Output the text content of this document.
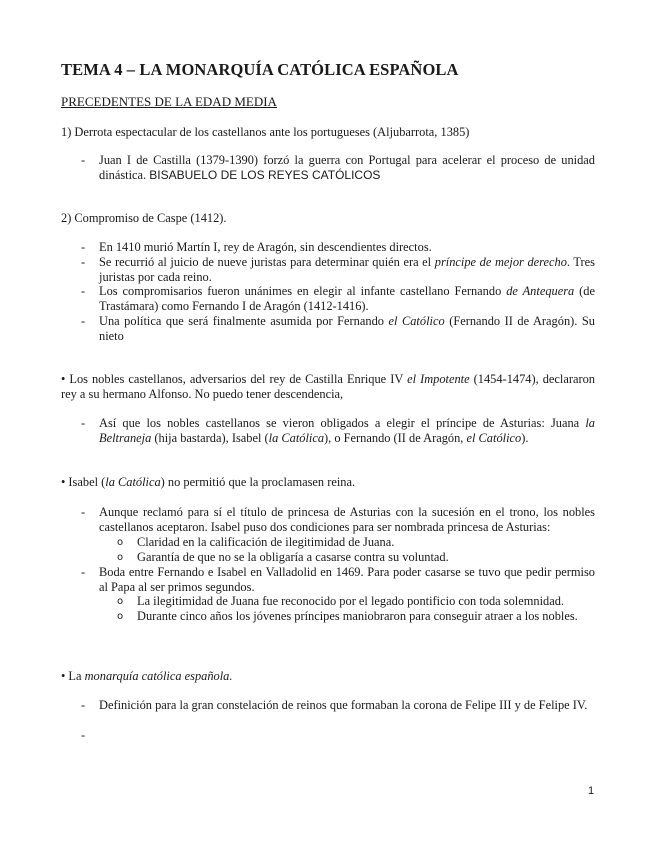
TEMA 4 – LA MONARQUÍA CATÓLICA ESPAÑOLA
PRECEDENTES DE LA EDAD MEDIA
1) Derrota espectacular de los castellanos ante los portugueses (Aljubarrota, 1385)
- Juan I de Castilla (1379-1390) forzó la guerra con Portugal para acelerar el proceso de unidad dinástica. BISABUELO DE LOS REYES CATÓLICOS
2) Compromiso de Caspe (1412).
- En 1410 murió Martín I, rey de Aragón, sin descendientes directos.
- Se recurrió al juicio de nueve juristas para determinar quién era el príncipe de mejor derecho. Tres juristas por cada reino.
- Los compromisarios fueron unánimes en elegir al infante castellano Fernando de Antequera (de Trastámara) como Fernando I de Aragón (1412-1416).
- Una política que será finalmente asumida por Fernando el Católico (Fernando II de Aragón). Su nieto
• Los nobles castellanos, adversarios del rey de Castilla Enrique IV el Impotente (1454-1474), declararon rey a su hermano Alfonso. No puedo tener descendencia,
- Así que los nobles castellanos se vieron obligados a elegir el príncipe de Asturias: Juana la Beltraneja (hija bastarda), Isabel (la Católica), o Fernando (II de Aragón, el Católico).
• Isabel (la Católica) no permitió que la proclamasen reina.
- Aunque reclamó para sí el título de princesa de Asturias con la sucesión en el trono, los nobles castellanos aceptaron. Isabel puso dos condiciones para ser nombrada princesa de Asturias:
o Claridad en la calificación de ilegitimidad de Juana.
o Garantía de que no se la obligaría a casarse contra su voluntad.
- Boda entre Fernando e Isabel en Valladolid en 1469. Para poder casarse se tuvo que pedir permiso al Papa al ser primos segundos.
o La ilegitimidad de Juana fue reconocido por el legado pontificio con toda solemnidad.
o Durante cinco años los jóvenes príncipes maniobraron para conseguir atraer a los nobles.
• La monarquía católica española.
- Definición para la gran constelación de reinos que formaban la corona de Felipe III y de Felipe IV.
-
1
